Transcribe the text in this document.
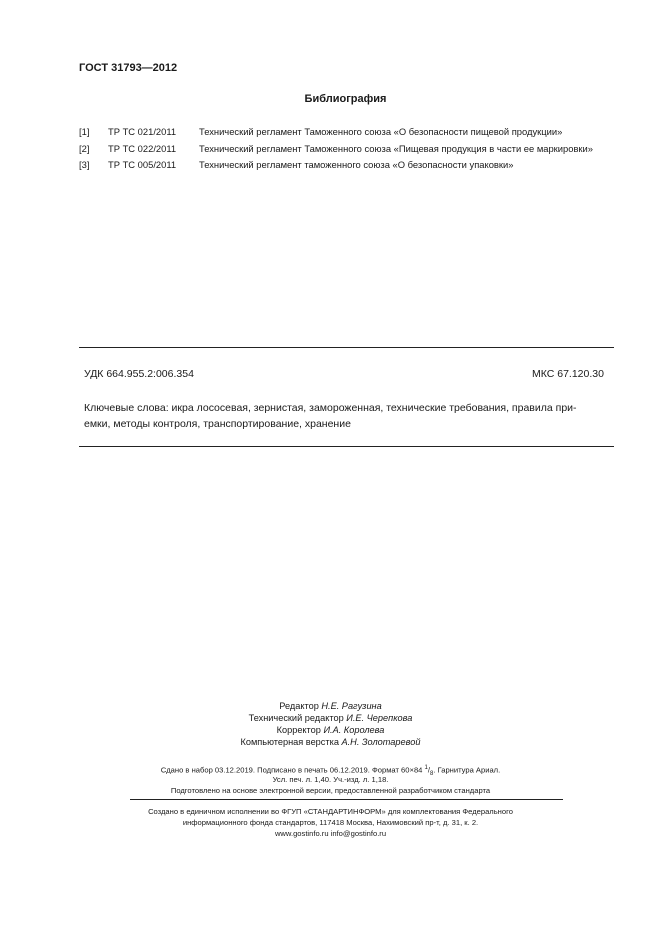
ГОСТ 31793—2012
Библиография
[1] ТР ТС 021/2011 Технический регламент Таможенного союза «О безопасности пищевой продукции»
[2] ТР ТС 022/2011 Технический регламент Таможенного союза «Пищевая продукция в части ее маркировки»
[3] ТР ТС 005/2011 Технический регламент таможенного союза «О безопасности упаковки»
УДК 664.955.2:006.354	МКС 67.120.30
Ключевые слова: икра лососевая, зернистая, замороженная, технические требования, правила при-
емки, методы контроля, транспортирование, хранение
Редактор Н.Е. Рагузина
Технический редактор И.Е. Черепкова
Корректор И.А. Королева
Компьютерная верстка А.Н. Золотаревой
Сдано в набор 03.12.2019. Подписано в печать 06.12.2019. Формат 60×84 $^1/_8$. Гарнитура Ариал.
Усл. печ. л. 1,40. Уч.-изд. л. 1,18.
Подготовлено на основе электронной версии, предоставленной разработчиком стандарта
Создано в единичном исполнении во ФГУП «СТАНДАРТИНФОРМ» для комплектования Федерального
информационного фонда стандартов, 117418 Москва, Нахимовский пр-т, д. 31, к. 2.
www.gostinfo.ru info@gostinfo.ru
